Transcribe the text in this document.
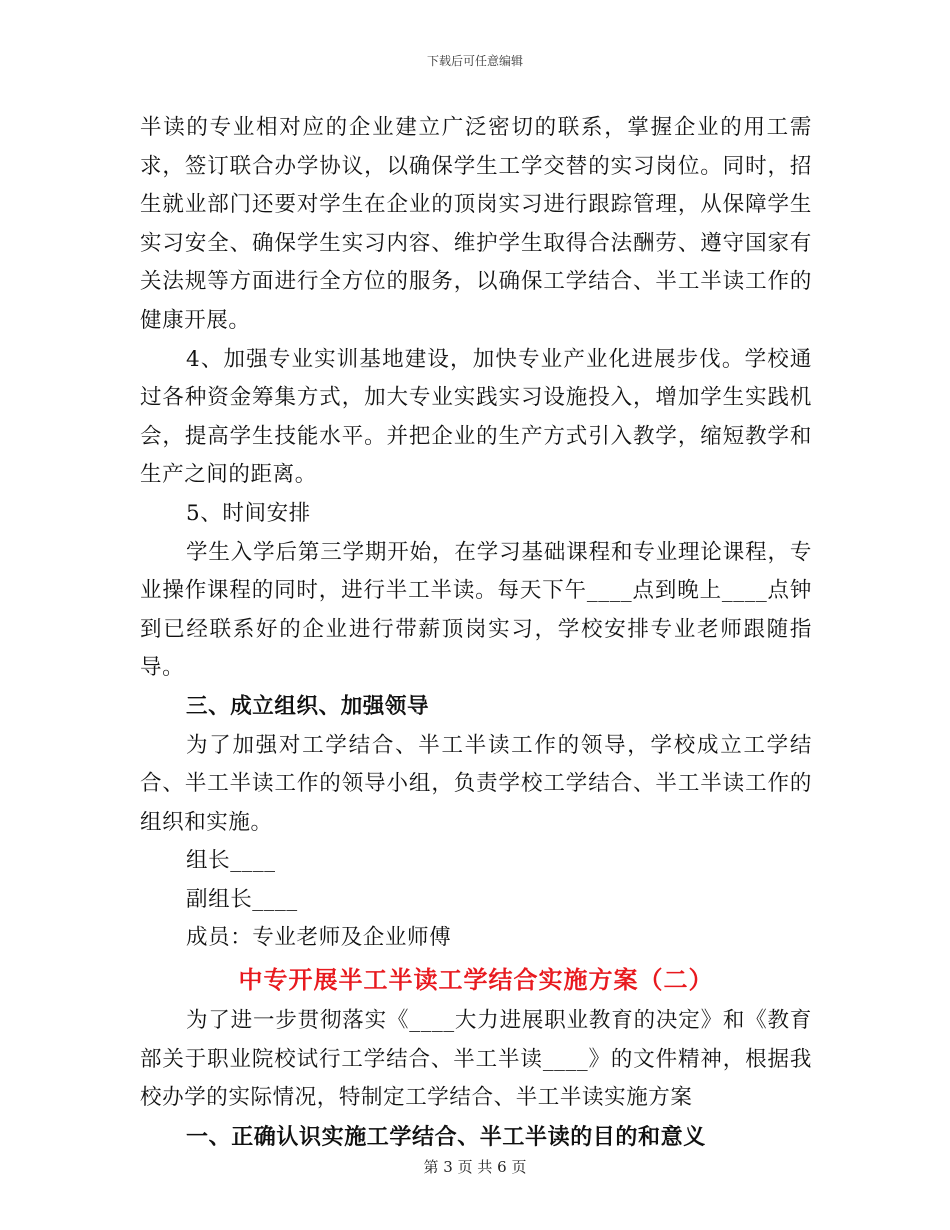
下载后可任意编辑

半读的专业相对应的企业建立广泛密切的联系，掌握企业的用工需求，签订联合办学协议，以确保学生工学交替的实习岗位。同时，招生就业部门还要对学生在企业的顶岗实习进行跟踪管理，从保障学生实习安全、确保学生实习内容、维护学生取得合法酬劳、遵守国家有关法规等方面进行全方位的服务，以确保工学结合、半工半读工作的健康开展。

4、加强专业实训基地建设，加快专业产业化进展步伐。学校通过各种资金筹集方式，加大专业实践实习设施投入，增加学生实践机会，提高学生技能水平。并把企业的生产方式引入教学，缩短教学和生产之间的距离。

5、时间安排

学生入学后第三学期开始，在学习基础课程和专业理论课程，专业操作课程的同时，进行半工半读。每天下午____点到晚上____点钟到已经联系好的企业进行带薪顶岗实习，学校安排专业老师跟随指导。

三、成立组织、加强领导

为了加强对工学结合、半工半读工作的领导，学校成立工学结合、半工半读工作的领导小组，负责学校工学结合、半工半读工作的组织和实施。

组长____

副组长____

成员：专业老师及企业师傅

中专开展半工半读工学结合实施方案（二）

为了进一步贯彻落实《____大力进展职业教育的决定》和《教育部关于职业院校试行工学结合、半工半读____》的文件精神，根据我校办学的实际情况，特制定工学结合、半工半读实施方案

一、正确认识实施工学结合、半工半读的目的和意义

第 3 页 共 6 页
